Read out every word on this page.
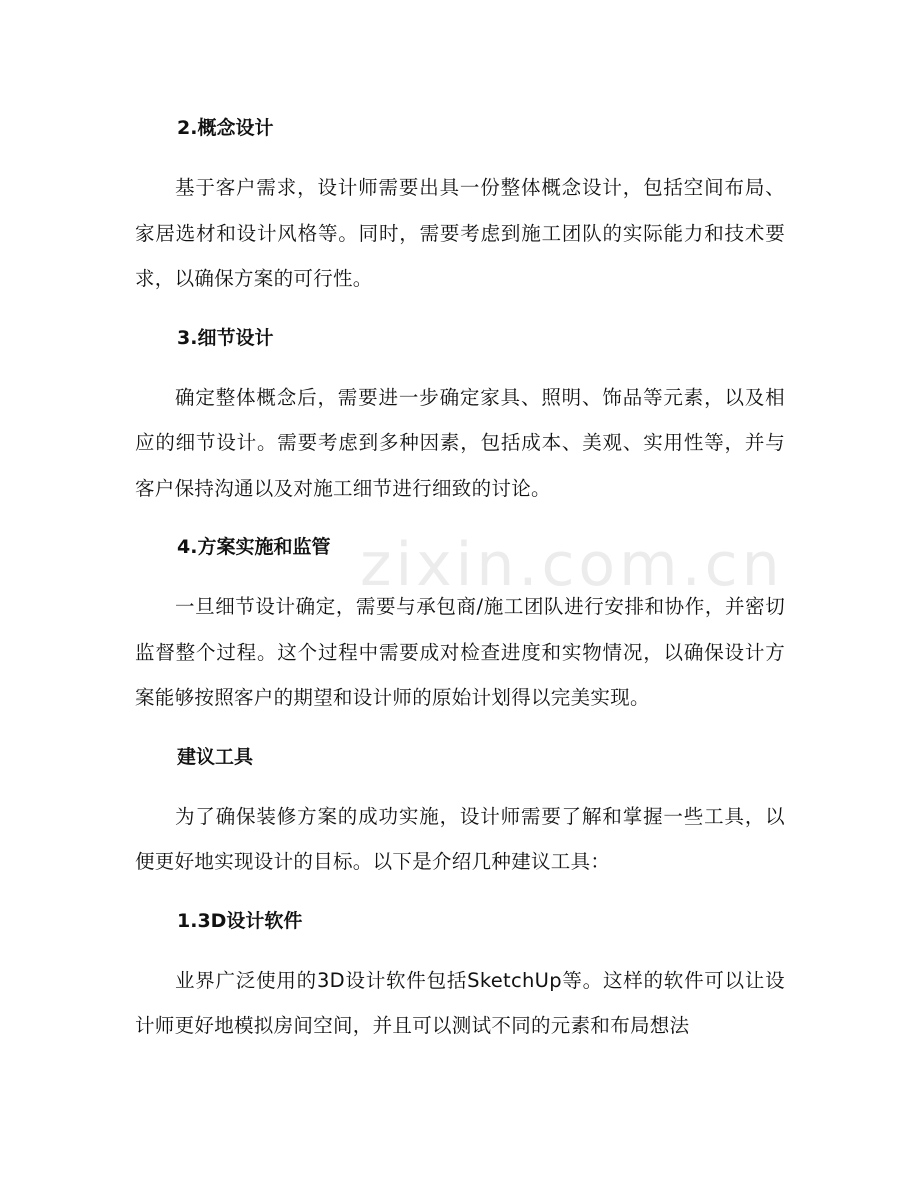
zixin.com.cn
2.概念设计
基于客户需求，设计师需要出具一份整体概念设计，包括空间布局、家居选材和设计风格等。同时，需要考虑到施工团队的实际能力和技术要求，以确保方案的可行性。
3.细节设计
确定整体概念后，需要进一步确定家具、照明、饰品等元素，以及相应的细节设计。需要考虑到多种因素，包括成本、美观、实用性等，并与客户保持沟通以及对施工细节进行细致的讨论。
4.方案实施和监管
一旦细节设计确定，需要与承包商/施工团队进行安排和协作，并密切监督整个过程。这个过程中需要成对检查进度和实物情况，以确保设计方案能够按照客户的期望和设计师的原始计划得以完美实现。
建议工具
为了确保装修方案的成功实施，设计师需要了解和掌握一些工具，以便更好地实现设计的目标。以下是介绍几种建议工具：
1.3D设计软件
业界广泛使用的3D设计软件包括SketchUp等。这样的软件可以让设计师更好地模拟房间空间，并且可以测试不同的元素和布局想法
